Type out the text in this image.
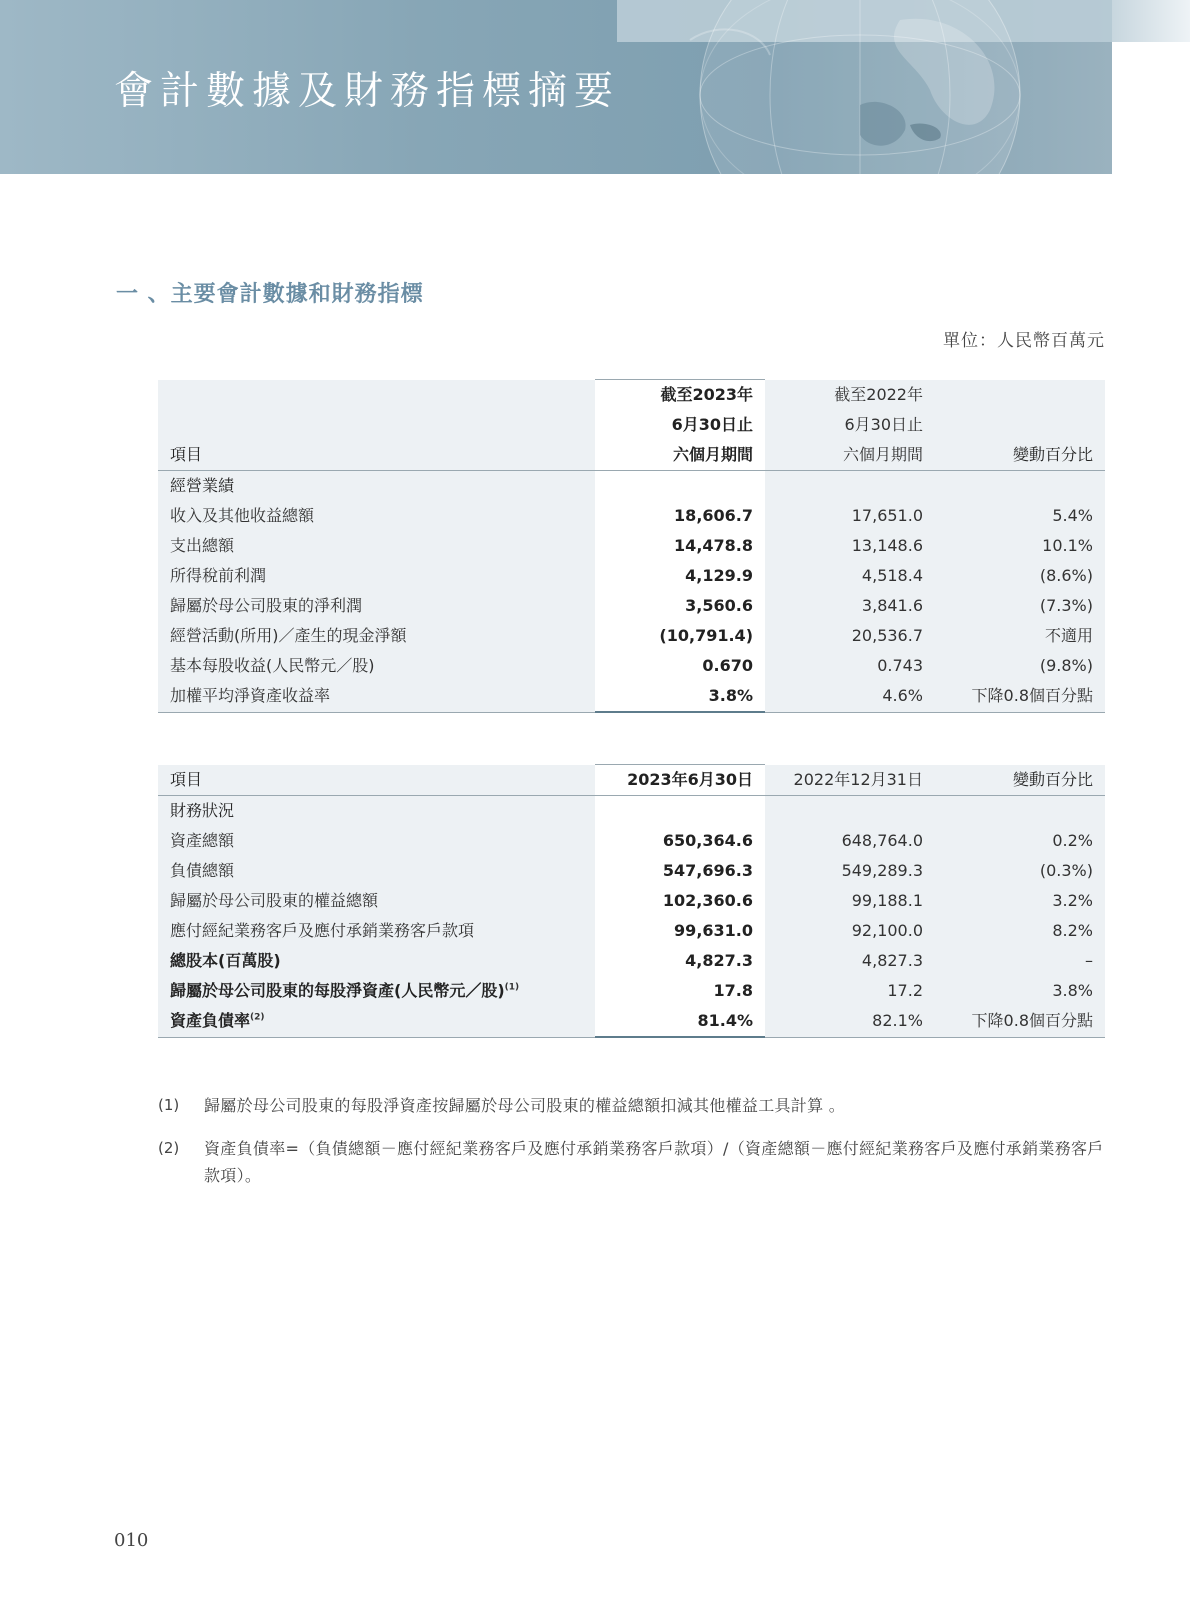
會計數據及財務指標摘要
一 、主要會計數據和財務指標
單位：人民幣百萬元
項目	截至2023年
6月30日止
六個月期間	截至2022年
6月30日止
六個月期間	變動百分比
經營業績			
收入及其他收益總額	18,606.7	17,651.0	5.4%
支出總額	14,478.8	13,148.6	10.1%
所得稅前利潤	4,129.9	4,518.4	(8.6%)
歸屬於母公司股東的淨利潤	3,560.6	3,841.6	(7.3%)
經營活動(所用)／產生的現金淨額	(10,791.4)	20,536.7	不適用
基本每股收益(人民幣元／股)	0.670	0.743	(9.8%)
加權平均淨資產收益率	3.8%	4.6%	下降0.8個百分點
項目	2023年6月30日	2022年12月31日	變動百分比
財務狀況			
資產總額	650,364.6	648,764.0	0.2%
負債總額	547,696.3	549,289.3	(0.3%)
歸屬於母公司股東的權益總額	102,360.6	99,188.1	3.2%
應付經紀業務客戶及應付承銷業務客戶款項	99,631.0	92,100.0	8.2%
總股本(百萬股)	4,827.3	4,827.3	–
歸屬於母公司股東的每股淨資產(人民幣元／股)$^{(1)}$	17.8	17.2	3.8%
資產負債率$^{(2)}$	81.4%	82.1%	下降0.8個百分點
(1)	歸屬於母公司股東的每股淨資產按歸屬於母公司股東的權益總額扣減其他權益工具計算 。
(2)	資產負債率=（負債總額－應付經紀業務客戶及應付承銷業務客戶款項）/（資產總額－應付經紀業務客戶及應付承銷業務客戶款項）。
010
